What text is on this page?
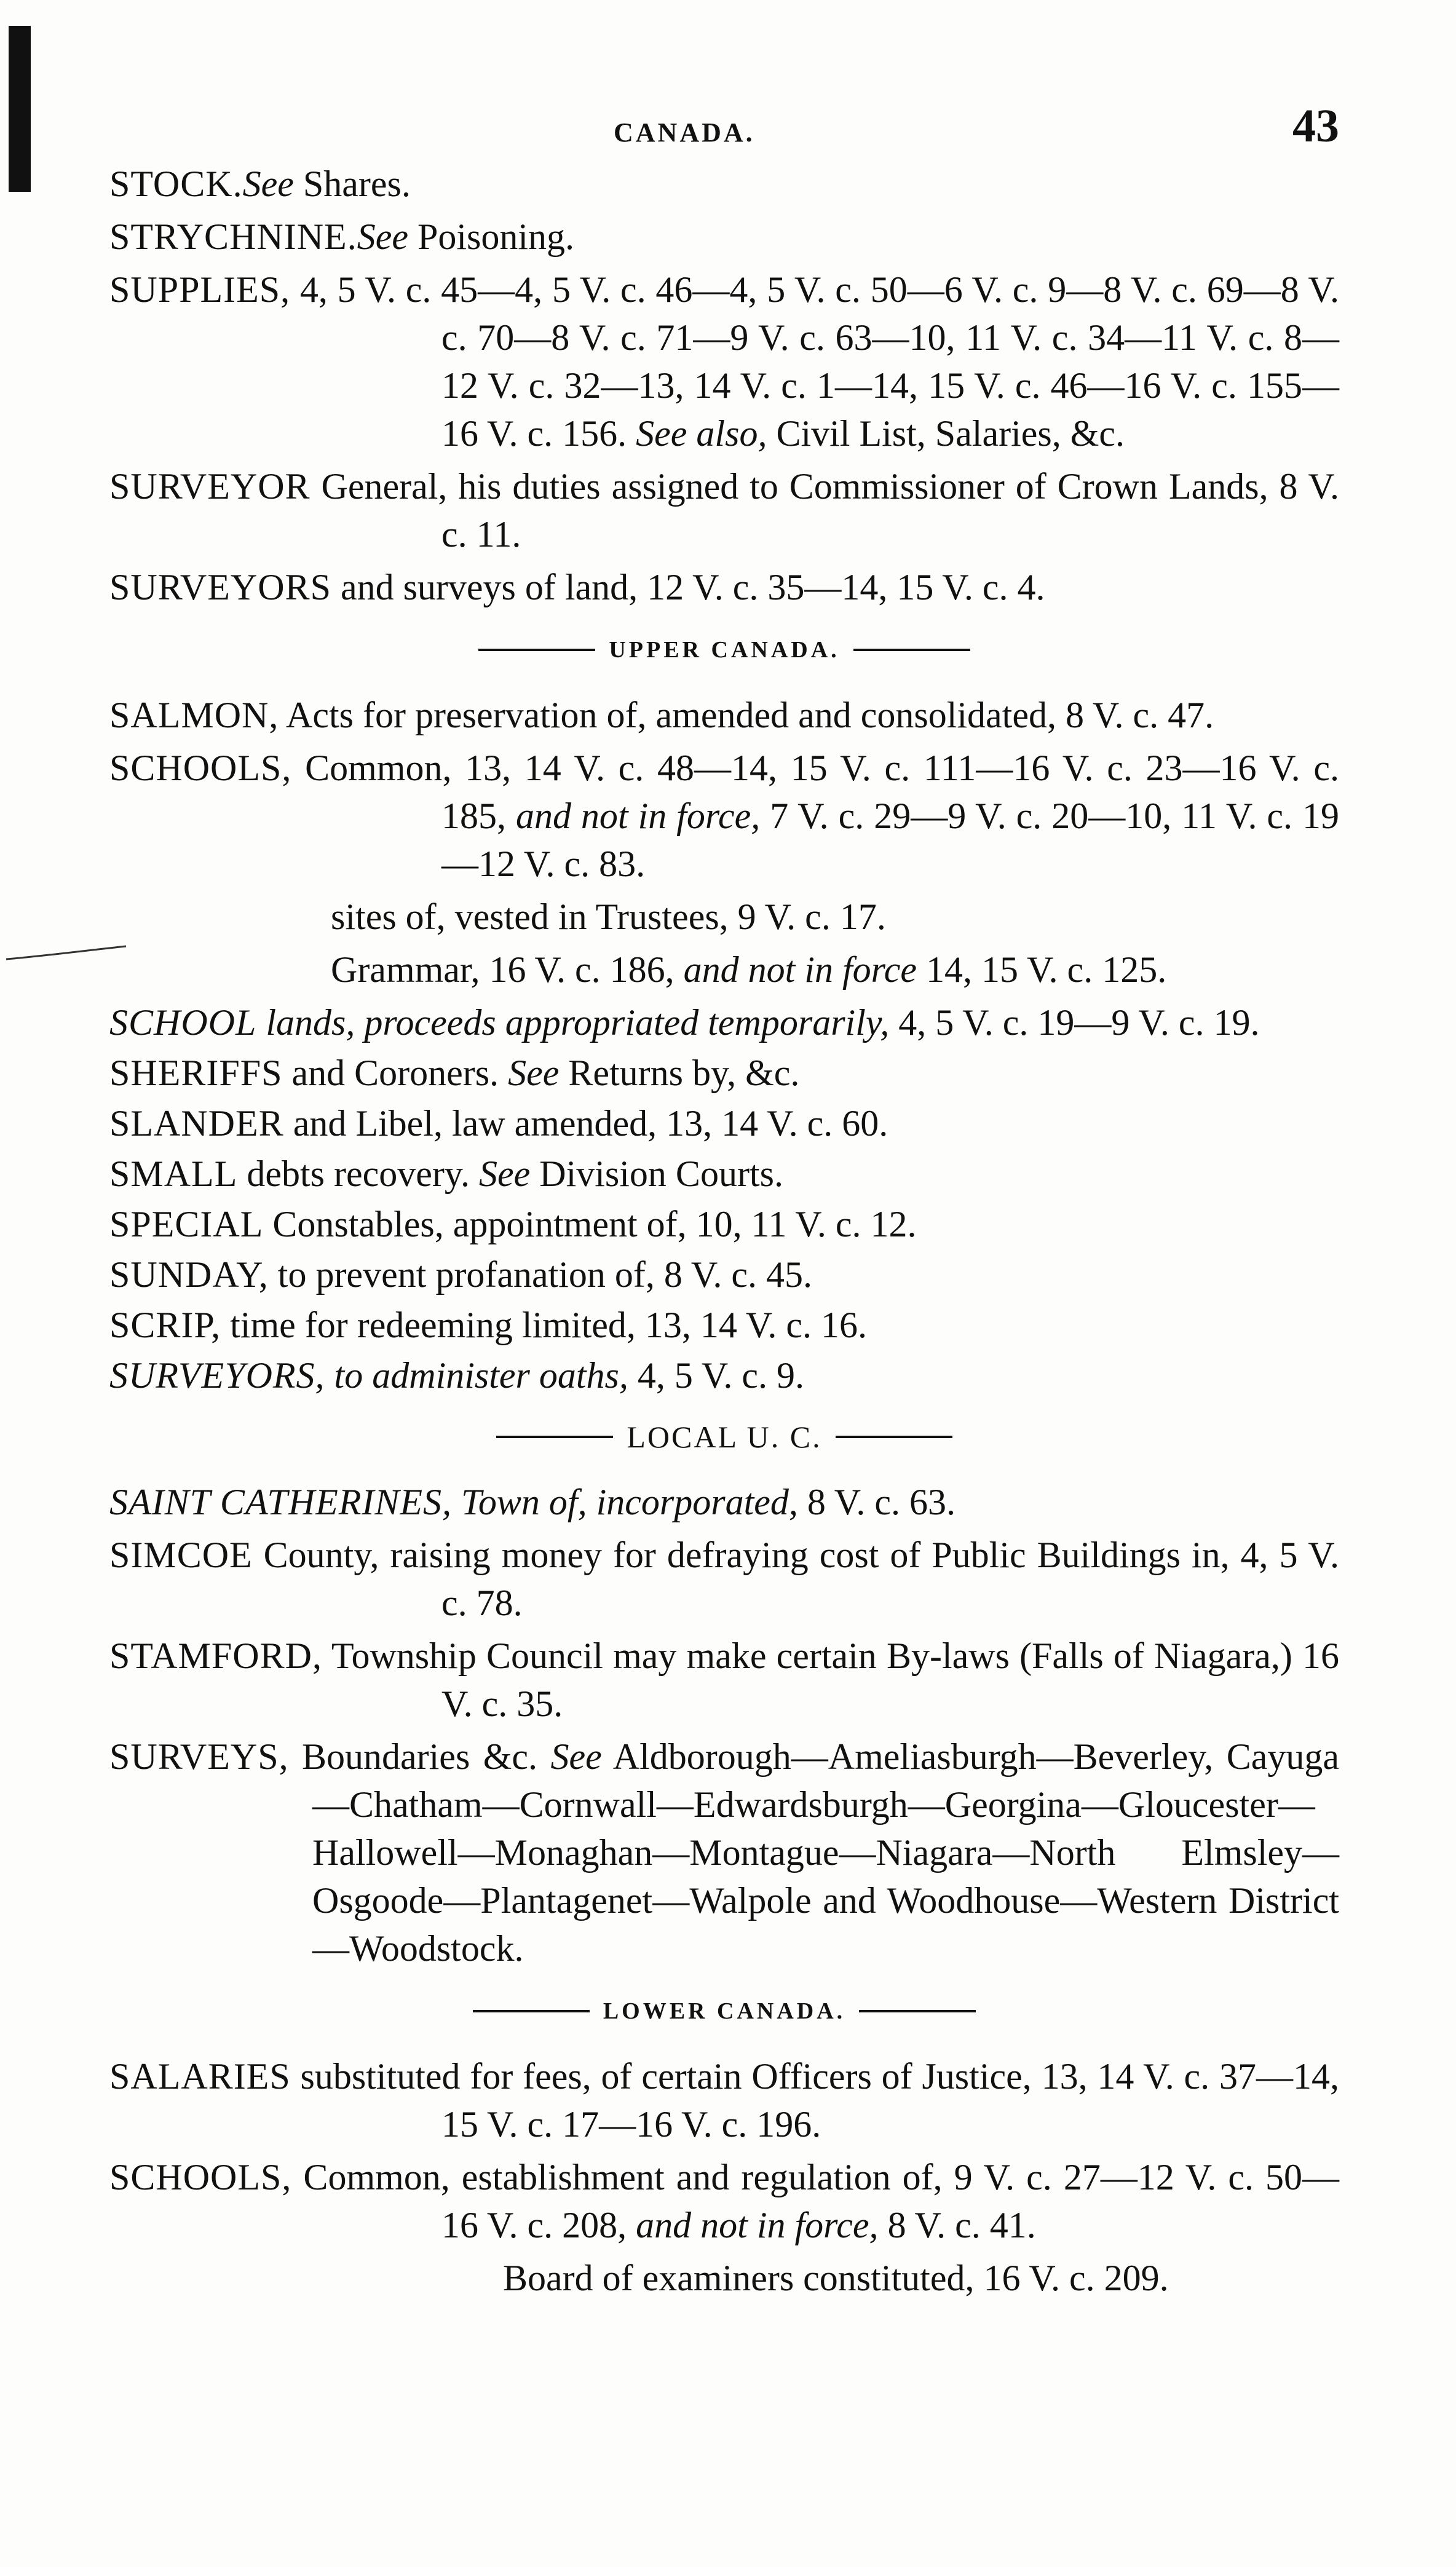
CANADA.	43
STOCK.See Shares.
STRYCHNINE.See Poisoning.
SUPPLIES, 4, 5 V. c. 45—4, 5 V. c. 46—4, 5 V. c. 50—6 V. c. 9—8 V. c. 69—8 V. c. 70—8 V. c. 71—9 V. c. 63—10, 11 V. c. 34—11 V. c. 8—12 V. c. 32—13, 14 V. c. 1—14, 15 V. c. 46—16 V. c. 155—16 V. c. 156. See also, Civil List, Salaries, &c.
SURVEYOR General, his duties assigned to Commissioner of Crown Lands, 8 V. c. 11.
SURVEYORS and surveys of land, 12 V. c. 35—14, 15 V. c. 4.
UPPER CANADA.
SALMON, Acts for preservation of, amended and consolidated, 8 V. c. 47.
SCHOOLS, Common, 13, 14 V. c. 48—14, 15 V. c. 111—16 V. c. 23—16 V. c. 185, and not in force, 7 V. c. 29—9 V. c. 20—10, 11 V. c. 19—12 V. c. 83.
sites of, vested in Trustees, 9 V. c. 17.
Grammar, 16 V. c. 186, and not in force 14, 15 V. c. 125.
SCHOOL lands, proceeds appropriated temporarily, 4, 5 V. c. 19—9 V. c. 19.
SHERIFFS and Coroners. See Returns by, &c.
SLANDER and Libel, law amended, 13, 14 V. c. 60.
SMALL debts recovery. See Division Courts.
SPECIAL Constables, appointment of, 10, 11 V. c. 12.
SUNDAY, to prevent profanation of, 8 V. c. 45.
SCRIP, time for redeeming limited, 13, 14 V. c. 16.
SURVEYORS, to administer oaths, 4, 5 V. c. 9.
LOCAL U. C.
SAINT CATHERINES, Town of, incorporated, 8 V. c. 63.
SIMCOE County, raising money for defraying cost of Public Buildings in, 4, 5 V. c. 78.
STAMFORD, Township Council may make certain By-laws (Falls of Niagara,) 16 V. c. 35.
SURVEYS, Boundaries &c. See Aldborough—Ameliasburgh—Beverley, Cayuga—Chatham—Cornwall—Edwardsburgh—Georgina—Gloucester—Hallowell—Monaghan—Montague—Niagara—North Elmsley—Osgoode—Plantagenet—Walpole and Woodhouse—Western District—Woodstock.
LOWER CANADA.
SALARIES substituted for fees, of certain Officers of Justice, 13, 14 V. c. 37—14, 15 V. c. 17—16 V. c. 196.
SCHOOLS, Common, establishment and regulation of, 9 V. c. 27—12 V. c. 50—16 V. c. 208, and not in force, 8 V. c. 41.
Board of examiners constituted, 16 V. c. 209.
